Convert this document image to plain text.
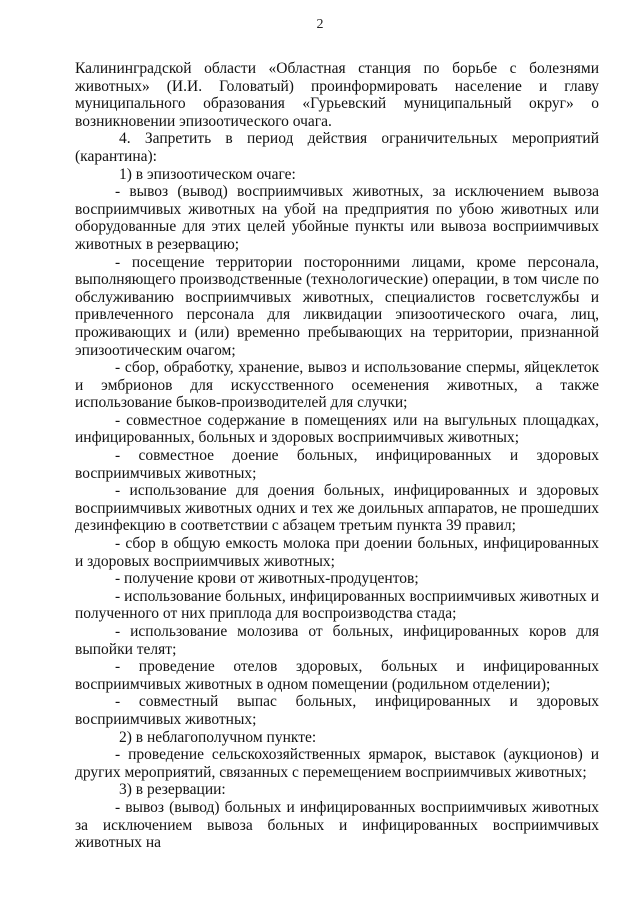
2

Калининградской области «Областная станция по борьбе с болезнями животных» (И.И. Головатый) проинформировать население и главу муниципального образования «Гурьевский муниципальный округ» о возникновении эпизоотического очага.

4. Запретить в период действия ограничительных мероприятий (карантина):

1) в эпизоотическом очаге:

- вывоз (вывод) восприимчивых животных, за исключением вывоза восприимчивых животных на убой на предприятия по убою животных или оборудованные для этих целей убойные пункты или вывоза восприимчивых животных в резервацию;

- посещение территории посторонними лицами, кроме персонала, выполняющего производственные (технологические) операции, в том числе по обслуживанию восприимчивых животных, специалистов госветслужбы и привлеченного персонала для ликвидации эпизоотического очага, лиц, проживающих и (или) временно пребывающих на территории, признанной эпизоотическим очагом;

- сбор, обработку, хранение, вывоз и использование спермы, яйцеклеток и эмбрионов для искусственного осеменения животных, а также использование быков-производителей для случки;

- совместное содержание в помещениях или на выгульных площадках, инфицированных, больных и здоровых восприимчивых животных;

- совместное доение больных, инфицированных и здоровых восприимчивых животных;

- использование для доения больных, инфицированных и здоровых восприимчивых животных одних и тех же доильных аппаратов, не прошедших дезинфекцию в соответствии с абзацем третьим пункта 39 правил;

- сбор в общую емкость молока при доении больных, инфицированных и здоровых восприимчивых животных;

- получение крови от животных-продуцентов;

- использование больных, инфицированных восприимчивых животных и полученного от них приплода для воспроизводства стада;

- использование молозива от больных, инфицированных коров для выпойки телят;

- проведение отелов здоровых, больных и инфицированных восприимчивых животных в одном помещении (родильном отделении);

- совместный выпас больных, инфицированных и здоровых восприимчивых животных;

2) в неблагополучном пункте:

- проведение сельскохозяйственных ярмарок, выставок (аукционов) и других мероприятий, связанных с перемещением восприимчивых животных;

3) в резервации:

- вывоз (вывод) больных и инфицированных восприимчивых животных за исключением вывоза больных и инфицированных восприимчивых животных на
